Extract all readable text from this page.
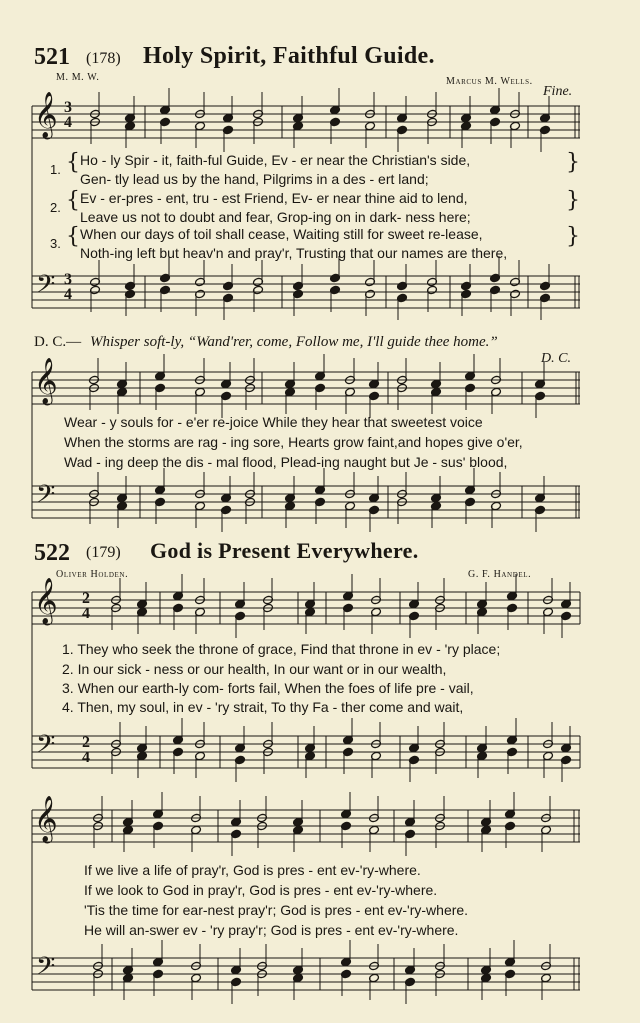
521 (178) Holy Spirit, Faithful Guide.
M. M. W.	Marcus M. Wells.
Fine.
𝄞
𝄢
𝄞
𝄢
𝄞
𝄢
𝄞
𝄢
3
4
3
4
2
4
2
4
1. { Ho - ly Spir - it, faith-ful Guide, Ev - er near the Christian's side,
Gen- tly lead us by the hand, Pilgrims in a des - ert land;
}
2. { Ev - er-pres - ent, tru - est Friend, Ev- er near thine aid to lend,
Leave us not to doubt and fear, Grop-ing on in dark- ness here;
}
3. { When our days of toil shall cease, Waiting still for sweet re-lease,
Noth-ing left but heav'n and pray'r, Trusting that our names are there,
}
D. C.— Whisper soft-ly, “Wand'rer, come, Follow me, I'll guide thee home.”
D. C.
Wear - y souls for - e'er re-joice While they hear that sweetest voice
When the storms are rag - ing sore, Hearts grow faint,and hopes give o'er,
Wad - ing deep the dis - mal flood, Plead-ing naught but Je - sus' blood,
522 (179) God is Present Everywhere.
Oliver Holden.	G. F. Handel.
1. They who seek the throne of grace, Find that throne in ev - 'ry place;
2. In our sick - ness or our health, In our want or in our wealth,
3. When our earth-ly com- forts fail, When the foes of life pre - vail,
4. Then, my soul, in ev - 'ry strait, To thy Fa - ther come and wait,
If we live a life of pray'r, God is pres - ent ev-'ry-where.
If we look to God in pray'r, God is pres - ent ev-'ry-where.
'Tis the time for ear-nest pray'r; God is pres - ent ev-'ry-where.
He will an-swer ev - 'ry pray'r; God is pres - ent ev-'ry-where.
